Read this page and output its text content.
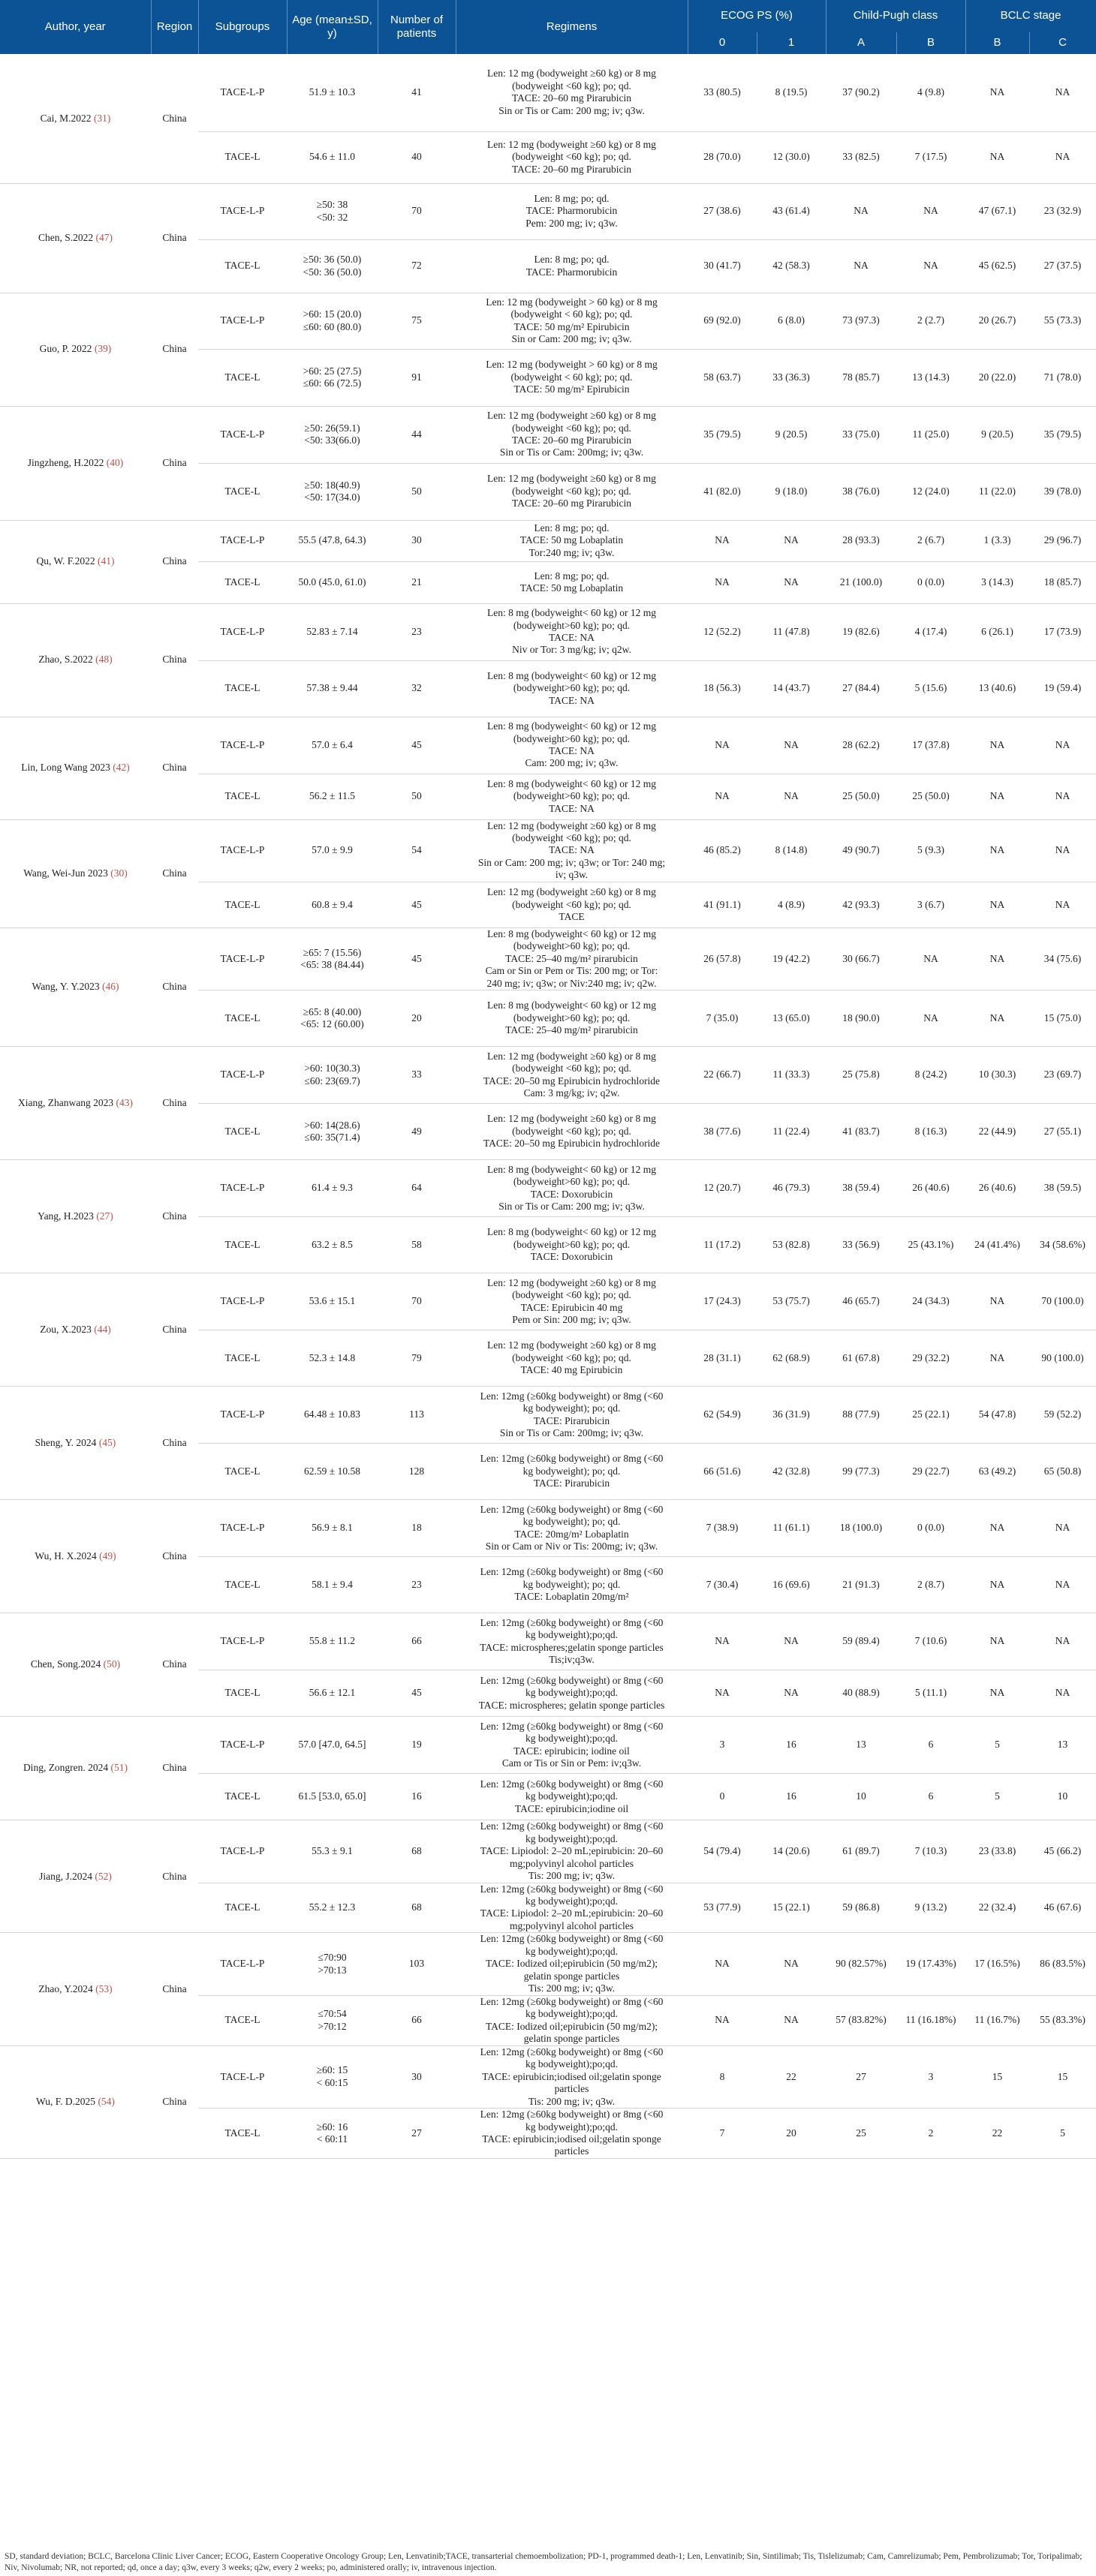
Author, year	Region	Subgroups	Age (mean±SD, y)	Number of patients	Regimens	ECOG PS (%)		Child-Pugh class		BCLC stage	
						0	1	A	B	B	C
Cai, M.2022 (31)	China	TACE-L-P	51.9 ± 10.3	41	Len: 12 mg (bodyweight ≥60 kg) or 8 mg
(bodyweight <60 kg); po; qd.
TACE: 20–60 mg Pirarubicin
Sin or Tis or Cam: 200 mg; iv; q3w.	33 (80.5)	8 (19.5)	37 (90.2)	4 (9.8)	NA	NA
		TACE-L	54.6 ± 11.0	40	Len: 12 mg (bodyweight ≥60 kg) or 8 mg
(bodyweight <60 kg); po; qd.
TACE: 20–60 mg Pirarubicin	28 (70.0)	12 (30.0)	33 (82.5)	7 (17.5)	NA	NA
Chen, S.2022 (47)	China	TACE-L-P	≥50: 38
<50: 32	70	Len: 8 mg; po; qd.
TACE: Pharmorubicin
Pem: 200 mg; iv; q3w.	27 (38.6)	43 (61.4)	NA	NA	47 (67.1)	23 (32.9)
		TACE-L	≥50: 36 (50.0)
<50: 36 (50.0)	72	Len: 8 mg; po; qd.
TACE: Pharmorubicin	30 (41.7)	42 (58.3)	NA	NA	45 (62.5)	27 (37.5)
Guo, P. 2022 (39)	China	TACE-L-P	>60: 15 (20.0)
≤60: 60 (80.0)	75	Len: 12 mg (bodyweight > 60 kg) or 8 mg
(bodyweight < 60 kg); po; qd.
TACE: 50 mg/m² Epirubicin
Sin or Cam: 200 mg; iv; q3w.	69 (92.0)	6 (8.0)	73 (97.3)	2 (2.7)	20 (26.7)	55 (73.3)
		TACE-L	>60: 25 (27.5)
≤60: 66 (72.5)	91	Len: 12 mg (bodyweight > 60 kg) or 8 mg
(bodyweight < 60 kg); po; qd.
TACE: 50 mg/m² Epirubicin	58 (63.7)	33 (36.3)	78 (85.7)	13 (14.3)	20 (22.0)	71 (78.0)
Jingzheng, H.2022 (40)	China	TACE-L-P	≥50: 26(59.1)
<50: 33(66.0)	44	Len: 12 mg (bodyweight ≥60 kg) or 8 mg
(bodyweight <60 kg); po; qd.
TACE: 20–60 mg Pirarubicin
Sin or Tis or Cam: 200mg; iv; q3w.	35 (79.5)	9 (20.5)	33 (75.0)	11 (25.0)	9 (20.5)	35 (79.5)
		TACE-L	≥50: 18(40.9)
<50: 17(34.0)	50	Len: 12 mg (bodyweight ≥60 kg) or 8 mg
(bodyweight <60 kg); po; qd.
TACE: 20–60 mg Pirarubicin	41 (82.0)	9 (18.0)	38 (76.0)	12 (24.0)	11 (22.0)	39 (78.0)
Qu, W. F.2022 (41)	China	TACE-L-P	55.5 (47.8, 64.3)	30	Len: 8 mg; po; qd.
TACE: 50 mg Lobaplatin
Tor:240 mg; iv; q3w.	NA	NA	28 (93.3)	2 (6.7)	1 (3.3)	29 (96.7)
		TACE-L	50.0 (45.0, 61.0)	21	Len: 8 mg; po; qd.
TACE: 50 mg Lobaplatin	NA	NA	21 (100.0)	0 (0.0)	3 (14.3)	18 (85.7)
Zhao, S.2022 (48)	China	TACE-L-P	52.83 ± 7.14	23	Len: 8 mg (bodyweight< 60 kg) or 12 mg
(bodyweight>60 kg); po; qd.
TACE: NA
Niv or Tor: 3 mg/kg; iv; q2w.	12 (52.2)	11 (47.8)	19 (82.6)	4 (17.4)	6 (26.1)	17 (73.9)
		TACE-L	57.38 ± 9.44	32	Len: 8 mg (bodyweight< 60 kg) or 12 mg
(bodyweight>60 kg); po; qd.
TACE: NA	18 (56.3)	14 (43.7)	27 (84.4)	5 (15.6)	13 (40.6)	19 (59.4)
Lin, Long Wang 2023 (42)	China	TACE-L-P	57.0 ± 6.4	45	Len: 8 mg (bodyweight< 60 kg) or 12 mg
(bodyweight>60 kg); po; qd.
TACE: NA
Cam: 200 mg; iv; q3w.	NA	NA	28 (62.2)	17 (37.8)	NA	NA
		TACE-L	56.2 ± 11.5	50	Len: 8 mg (bodyweight< 60 kg) or 12 mg
(bodyweight>60 kg); po; qd.
TACE: NA	NA	NA	25 (50.0)	25 (50.0)	NA	NA
Wang, Wei-Jun 2023 (30)	China	TACE-L-P	57.0 ± 9.9	54	Len: 12 mg (bodyweight ≥60 kg) or 8 mg
(bodyweight <60 kg); po; qd.
TACE: NA
Sin or Cam: 200 mg; iv; q3w; or Tor: 240 mg;
iv; q3w.	46 (85.2)	8 (14.8)	49 (90.7)	5 (9.3)	NA	NA
		TACE-L	60.8 ± 9.4	45	Len: 12 mg (bodyweight ≥60 kg) or 8 mg
(bodyweight <60 kg); po; qd.
TACE	41 (91.1)	4 (8.9)	42 (93.3)	3 (6.7)	NA	NA
Wang, Y. Y.2023 (46)	China	TACE-L-P	≥65: 7 (15.56)
<65: 38 (84.44)	45	Len: 8 mg (bodyweight< 60 kg) or 12 mg
(bodyweight>60 kg); po; qd.
TACE: 25–40 mg/m² pirarubicin
Cam or Sin or Pem or Tis: 200 mg; or Tor:
240 mg; iv; q3w; or Niv:240 mg; iv; q2w.	26 (57.8)	19 (42.2)	30 (66.7)	NA	NA	34 (75.6)
		TACE-L	≥65: 8 (40.00)
<65: 12 (60.00)	20	Len: 8 mg (bodyweight< 60 kg) or 12 mg
(bodyweight>60 kg); po; qd.
TACE: 25–40 mg/m² pirarubicin	7 (35.0)	13 (65.0)	18 (90.0)	NA	NA	15 (75.0)
Xiang, Zhanwang 2023 (43)	China	TACE-L-P	>60: 10(30.3)
≤60: 23(69.7)	33	Len: 12 mg (bodyweight ≥60 kg) or 8 mg
(bodyweight <60 kg); po; qd.
TACE: 20–50 mg Epirubicin hydrochloride
Cam: 3 mg/kg; iv; q2w.	22 (66.7)	11 (33.3)	25 (75.8)	8 (24.2)	10 (30.3)	23 (69.7)
		TACE-L	>60: 14(28.6)
≤60: 35(71.4)	49	Len: 12 mg (bodyweight ≥60 kg) or 8 mg
(bodyweight <60 kg); po; qd.
TACE: 20–50 mg Epirubicin hydrochloride	38 (77.6)	11 (22.4)	41 (83.7)	8 (16.3)	22 (44.9)	27 (55.1)
Yang, H.2023 (27)	China	TACE-L-P	61.4 ± 9.3	64	Len: 8 mg (bodyweight< 60 kg) or 12 mg
(bodyweight>60 kg); po; qd.
TACE: Doxorubicin
Sin or Tis or Cam: 200 mg; iv; q3w.	12 (20.7)	46 (79.3)	38 (59.4)	26 (40.6)	26 (40.6)	38 (59.5)
		TACE-L	63.2 ± 8.5	58	Len: 8 mg (bodyweight< 60 kg) or 12 mg
(bodyweight>60 kg); po; qd.
TACE: Doxorubicin	11 (17.2)	53 (82.8)	33 (56.9)	25 (43.1%)	24 (41.4%)	34 (58.6%)
Zou, X.2023 (44)	China	TACE-L-P	53.6 ± 15.1	70	Len: 12 mg (bodyweight ≥60 kg) or 8 mg
(bodyweight <60 kg); po; qd.
TACE: Epirubicin 40 mg
Pem or Sin: 200 mg; iv; q3w.	17 (24.3)	53 (75.7)	46 (65.7)	24 (34.3)	NA	70 (100.0)
		TACE-L	52.3 ± 14.8	79	Len: 12 mg (bodyweight ≥60 kg) or 8 mg
(bodyweight <60 kg); po; qd.
TACE: 40 mg Epirubicin	28 (31.1)	62 (68.9)	61 (67.8)	29 (32.2)	NA	90 (100.0)
Sheng, Y. 2024 (45)	China	TACE-L-P	64.48 ± 10.83	113	Len: 12mg (≥60kg bodyweight) or 8mg (<60
kg bodyweight); po; qd.
TACE: Pirarubicin
Sin or Tis or Cam: 200mg; iv; q3w.	62 (54.9)	36 (31.9)	88 (77.9)	25 (22.1)	54 (47.8)	59 (52.2)
		TACE-L	62.59 ± 10.58	128	Len: 12mg (≥60kg bodyweight) or 8mg (<60
kg bodyweight); po; qd.
TACE: Pirarubicin	66 (51.6)	42 (32.8)	99 (77.3)	29 (22.7)	63 (49.2)	65 (50.8)
Wu, H. X.2024 (49)	China	TACE-L-P	56.9 ± 8.1	18	Len: 12mg (≥60kg bodyweight) or 8mg (<60
kg bodyweight); po; qd.
TACE: 20mg/m² Lobaplatin
Sin or Cam or Niv or Tis: 200mg; iv; q3w.	7 (38.9)	11 (61.1)	18 (100.0)	0 (0.0)	NA	NA
		TACE-L	58.1 ± 9.4	23	Len: 12mg (≥60kg bodyweight) or 8mg (<60
kg bodyweight); po; qd.
TACE: Lobaplatin 20mg/m²	7 (30.4)	16 (69.6)	21 (91.3)	2 (8.7)	NA	NA
Chen, Song.2024 (50)	China	TACE-L-P	55.8 ± 11.2	66	Len: 12mg (≥60kg bodyweight) or 8mg (<60
kg bodyweight);po;qd.
TACE: microspheres;gelatin sponge particles
Tis;iv;q3w.	NA	NA	59 (89.4)	7 (10.6)	NA	NA
		TACE-L	56.6 ± 12.1	45	Len: 12mg (≥60kg bodyweight) or 8mg (<60
kg bodyweight);po;qd.
TACE: microspheres; gelatin sponge particles	NA	NA	40 (88.9)	5 (11.1)	NA	NA
Ding, Zongren. 2024 (51)	China	TACE-L-P	57.0 [47.0, 64.5]	19	Len: 12mg (≥60kg bodyweight) or 8mg (<60
kg bodyweight);po;qd.
TACE: epirubicin; iodine oil
Cam or Tis or Sin or Pem: iv;q3w.	3	16	13	6	5	13
		TACE-L	61.5 [53.0, 65.0]	16	Len: 12mg (≥60kg bodyweight) or 8mg (<60
kg bodyweight);po;qd.
TACE: epirubicin;iodine oil	0	16	10	6	5	10
Jiang, J.2024 (52)	China	TACE-L-P	55.3 ± 9.1	68	Len: 12mg (≥60kg bodyweight) or 8mg (<60
kg bodyweight);po;qd.
TACE: Lipiodol: 2–20 mL;epirubicin: 20–60
mg;polyvinyl alcohol particles
Tis: 200 mg; iv; q3w.	54 (79.4)	14 (20.6)	61 (89.7)	7 (10.3)	23 (33.8)	45 (66.2)
		TACE-L	55.2 ± 12.3	68	Len: 12mg (≥60kg bodyweight) or 8mg (<60
kg bodyweight);po;qd.
TACE: Lipiodol: 2–20 mL;epirubicin: 20–60
mg;polyvinyl alcohol particles	53 (77.9)	15 (22.1)	59 (86.8)	9 (13.2)	22 (32.4)	46 (67.6)
Zhao, Y.2024 (53)	China	TACE-L-P	≤70:90
>70:13	103	Len: 12mg (≥60kg bodyweight) or 8mg (<60
kg bodyweight);po;qd.
TACE: Iodized oil;epirubicin (50 mg/m2);
gelatin sponge particles
Tis: 200 mg; iv; q3w.	NA	NA	90 (82.57%)	19 (17.43%)	17 (16.5%)	86 (83.5%)
		TACE-L	≤70:54
>70:12	66	Len: 12mg (≥60kg bodyweight) or 8mg (<60
kg bodyweight);po;qd.
TACE: Iodized oil;epirubicin (50 mg/m2);
gelatin sponge particles	NA	NA	57 (83.82%)	11 (16.18%)	11 (16.7%)	55 (83.3%)
Wu, F. D.2025 (54)	China	TACE-L-P	≥60: 15
< 60:15	30	Len: 12mg (≥60kg bodyweight) or 8mg (<60
kg bodyweight);po;qd.
TACE: epirubicin;iodised oil;gelatin sponge
particles
Tis: 200 mg; iv; q3w.	8	22	27	3	15	15
		TACE-L	≥60: 16
< 60:11	27	Len: 12mg (≥60kg bodyweight) or 8mg (<60
kg bodyweight);po;qd.
TACE: epirubicin;iodised oil;gelatin sponge
particles	7	20	25	2	22	5
SD, standard deviation; BCLC, Barcelona Clinic Liver Cancer; ECOG, Eastern Cooperative Oncology Group; Len, Lenvatinib;TACE, transarterial chemoembolization; PD-1, programmed death-1; Len, Lenvatinib; Sin, Sintilimab; Tis, Tislelizumab; Cam, Camrelizumab; Pem, Pembrolizumab; Tor, Toripalimab; Niv, Nivolumab; NR, not reported; qd, once a day; q3w, every 3 weeks; q2w, every 2 weeks; po, administered orally; iv, intravenous injection.
